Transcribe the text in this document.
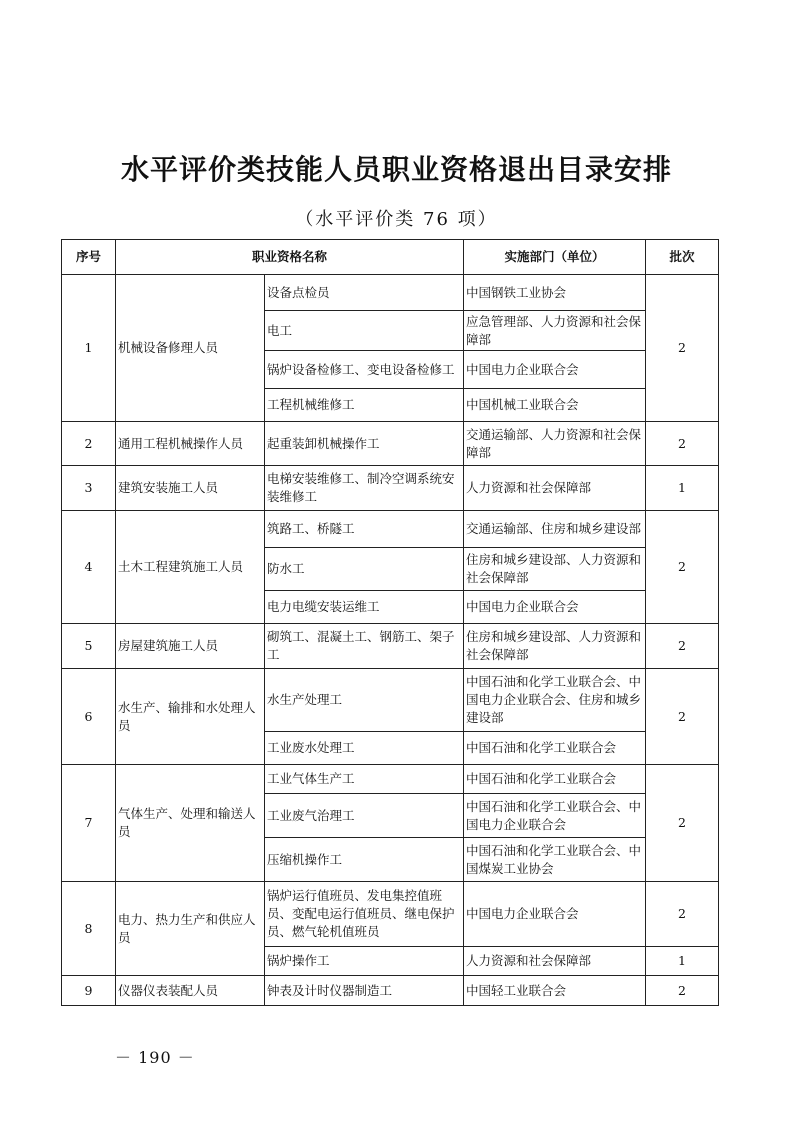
水平评价类技能人员职业资格退出目录安排
（水平评价类 76 项）
序号	职业资格名称		实施部门（单位）	批次
1	机械设备修理人员	设备点检员	中国钢铁工业协会	2
		电工	应急管理部、人力资源和社会保障部	
		锅炉设备检修工、变电设备检修工	中国电力企业联合会	
		工程机械维修工	中国机械工业联合会	
2	通用工程机械操作人员	起重装卸机械操作工	交通运输部、人力资源和社会保障部	2
3	建筑安装施工人员	电梯安装维修工、制冷空调系统安装维修工	人力资源和社会保障部	1
4	土木工程建筑施工人员	筑路工、桥隧工	交通运输部、住房和城乡建设部	2
		防水工	住房和城乡建设部、人力资源和社会保障部	
		电力电缆安装运维工	中国电力企业联合会	
5	房屋建筑施工人员	砌筑工、混凝土工、钢筋工、架子工	住房和城乡建设部、人力资源和社会保障部	2
6	水生产、输排和水处理人员	水生产处理工	中国石油和化学工业联合会、中国电力企业联合会、住房和城乡建设部	2
		工业废水处理工	中国石油和化学工业联合会	
7	气体生产、处理和输送人员	工业气体生产工	中国石油和化学工业联合会	2
		工业废气治理工	中国石油和化学工业联合会、中国电力企业联合会	
		压缩机操作工	中国石油和化学工业联合会、中国煤炭工业协会	
8	电力、热力生产和供应人员	锅炉运行值班员、发电集控值班员、变配电运行值班员、继电保护员、燃气轮机值班员	中国电力企业联合会	2
		锅炉操作工	人力资源和社会保障部	1
9	仪器仪表装配人员	钟表及计时仪器制造工	中国轻工业联合会	2
－ 190 －
